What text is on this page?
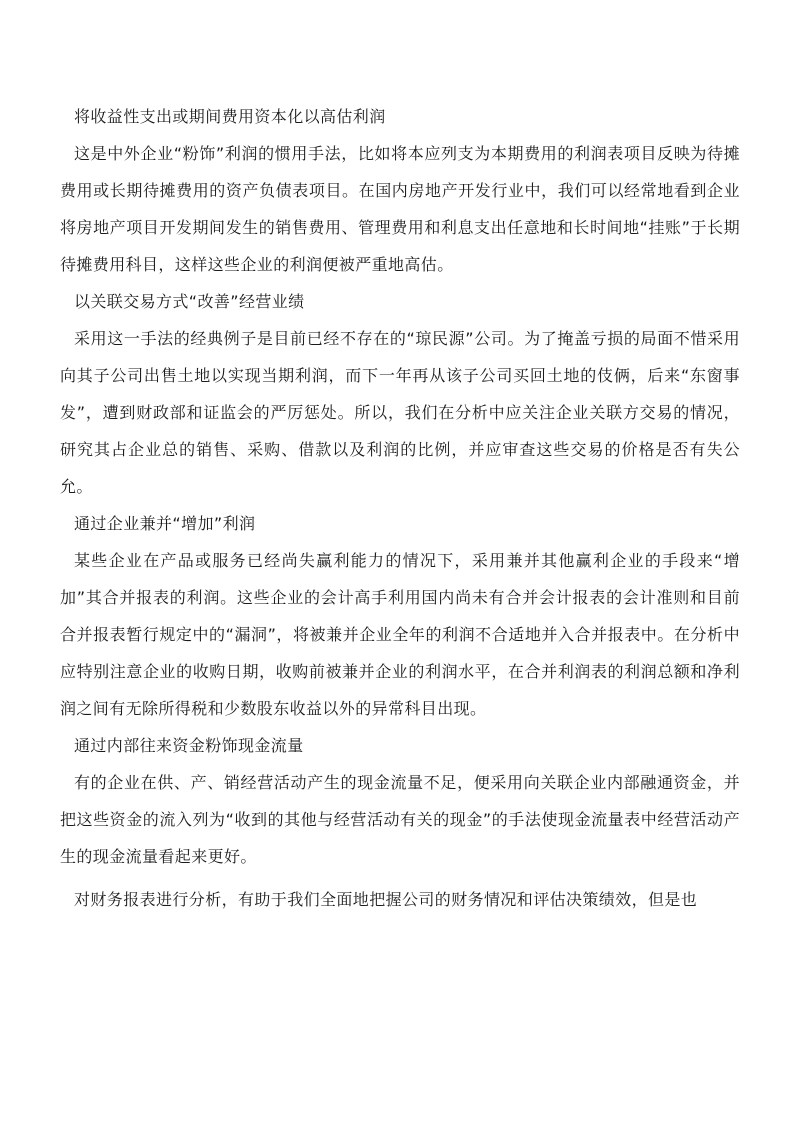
将收益性支出或期间费用资本化以高估利润

这是中外企业“粉饰”利润的惯用手法，比如将本应列支为本期费用的利润表项目反映为待摊费用或长期待摊费用的资产负债表项目。在国内房地产开发行业中，我们可以经常地看到企业将房地产项目开发期间发生的销售费用、管理费用和利息支出任意地和长时间地“挂账”于长期待摊费用科目，这样这些企业的利润便被严重地高估。

以关联交易方式“改善”经营业绩

采用这一手法的经典例子是目前已经不存在的“琼民源”公司。为了掩盖亏损的局面不惜采用向其子公司出售土地以实现当期利润，而下一年再从该子公司买回土地的伎俩，后来“东窗事发”，遭到财政部和证监会的严厉惩处。所以，我们在分析中应关注企业关联方交易的情况，研究其占企业总的销售、采购、借款以及利润的比例，并应审查这些交易的价格是否有失公允。

通过企业兼并“增加”利润

某些企业在产品或服务已经尚失赢利能力的情况下，采用兼并其他赢利企业的手段来“增加”其合并报表的利润。这些企业的会计高手利用国内尚未有合并会计报表的会计准则和目前合并报表暂行规定中的“漏洞”，将被兼并企业全年的利润不合适地并入合并报表中。在分析中应特别注意企业的收购日期，收购前被兼并企业的利润水平，在合并利润表的利润总额和净利润之间有无除所得税和少数股东收益以外的异常科目出现。

通过内部往来资金粉饰现金流量

有的企业在供、产、销经营活动产生的现金流量不足，便采用向关联企业内部融通资金，并把这些资金的流入列为“收到的其他与经营活动有关的现金”的手法使现金流量表中经营活动产生的现金流量看起来更好。

对财务报表进行分析，有助于我们全面地把握公司的财务情况和评估决策绩效，但是也
